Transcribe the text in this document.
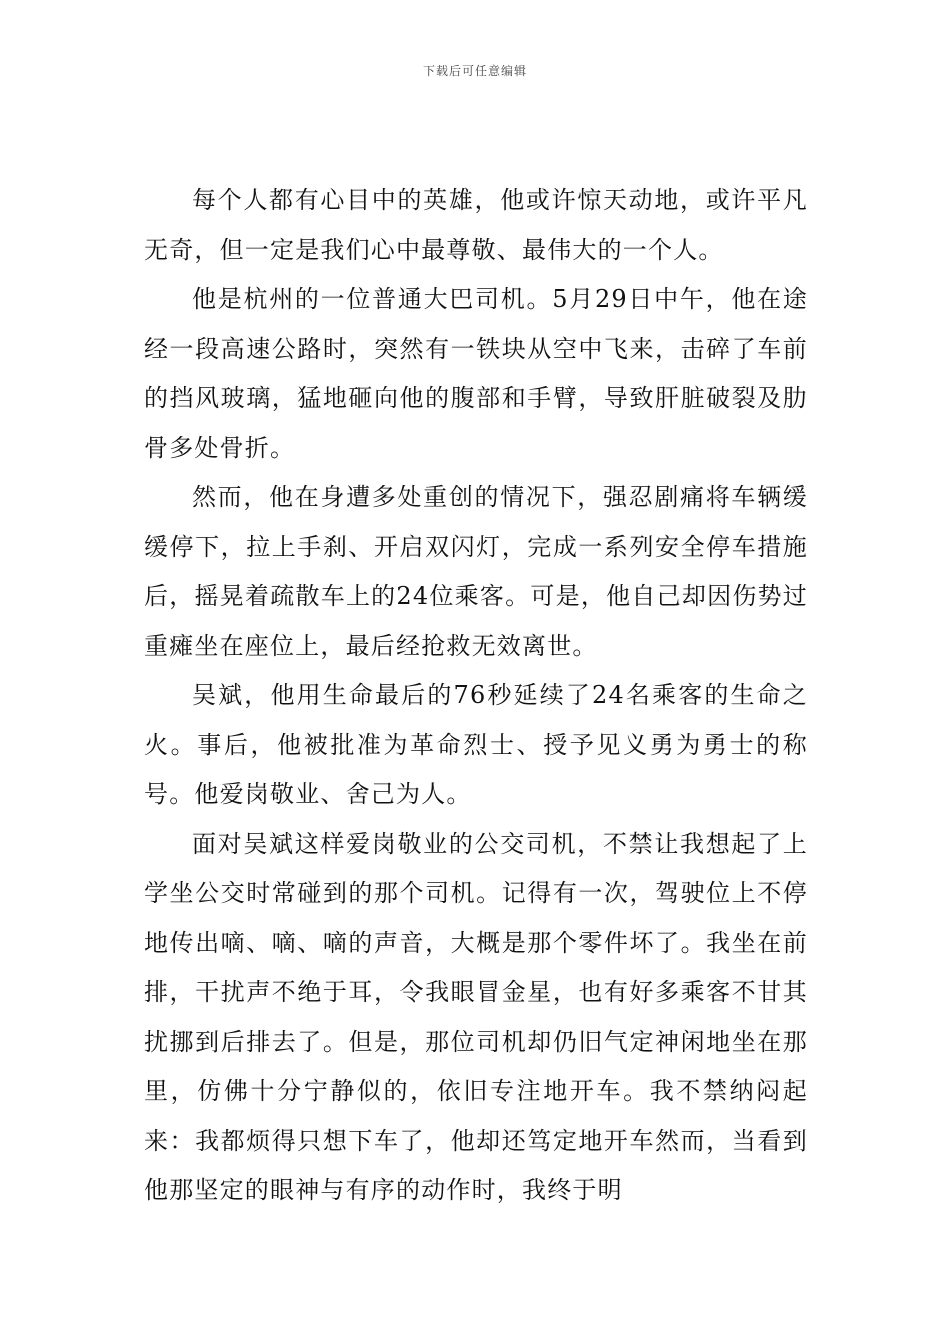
下载后可任意编辑

每个人都有心目中的英雄，他或许惊天动地，或许平凡无奇，但一定是我们心中最尊敬、最伟大的一个人。

他是杭州的一位普通大巴司机。5月29日中午，他在途经一段高速公路时，突然有一铁块从空中飞来，击碎了车前的挡风玻璃，猛地砸向他的腹部和手臂，导致肝脏破裂及肋骨多处骨折。

然而，他在身遭多处重创的情况下，强忍剧痛将车辆缓缓停下，拉上手刹、开启双闪灯，完成一系列安全停车措施后，摇晃着疏散车上的24位乘客。可是，他自己却因伤势过重瘫坐在座位上，最后经抢救无效离世。

吴斌，他用生命最后的76秒延续了24名乘客的生命之火。事后，他被批准为革命烈士、授予见义勇为勇士的称号。他爱岗敬业、舍己为人。

面对吴斌这样爱岗敬业的公交司机，不禁让我想起了上学坐公交时常碰到的那个司机。记得有一次，驾驶位上不停地传出嘀、嘀、嘀的声音，大概是那个零件坏了。我坐在前排，干扰声不绝于耳，令我眼冒金星，也有好多乘客不甘其扰挪到后排去了。但是，那位司机却仍旧气定神闲地坐在那里，仿佛十分宁静似的，依旧专注地开车。我不禁纳闷起来：我都烦得只想下车了，他却还笃定地开车然而，当看到他那坚定的眼神与有序的动作时，我终于明
